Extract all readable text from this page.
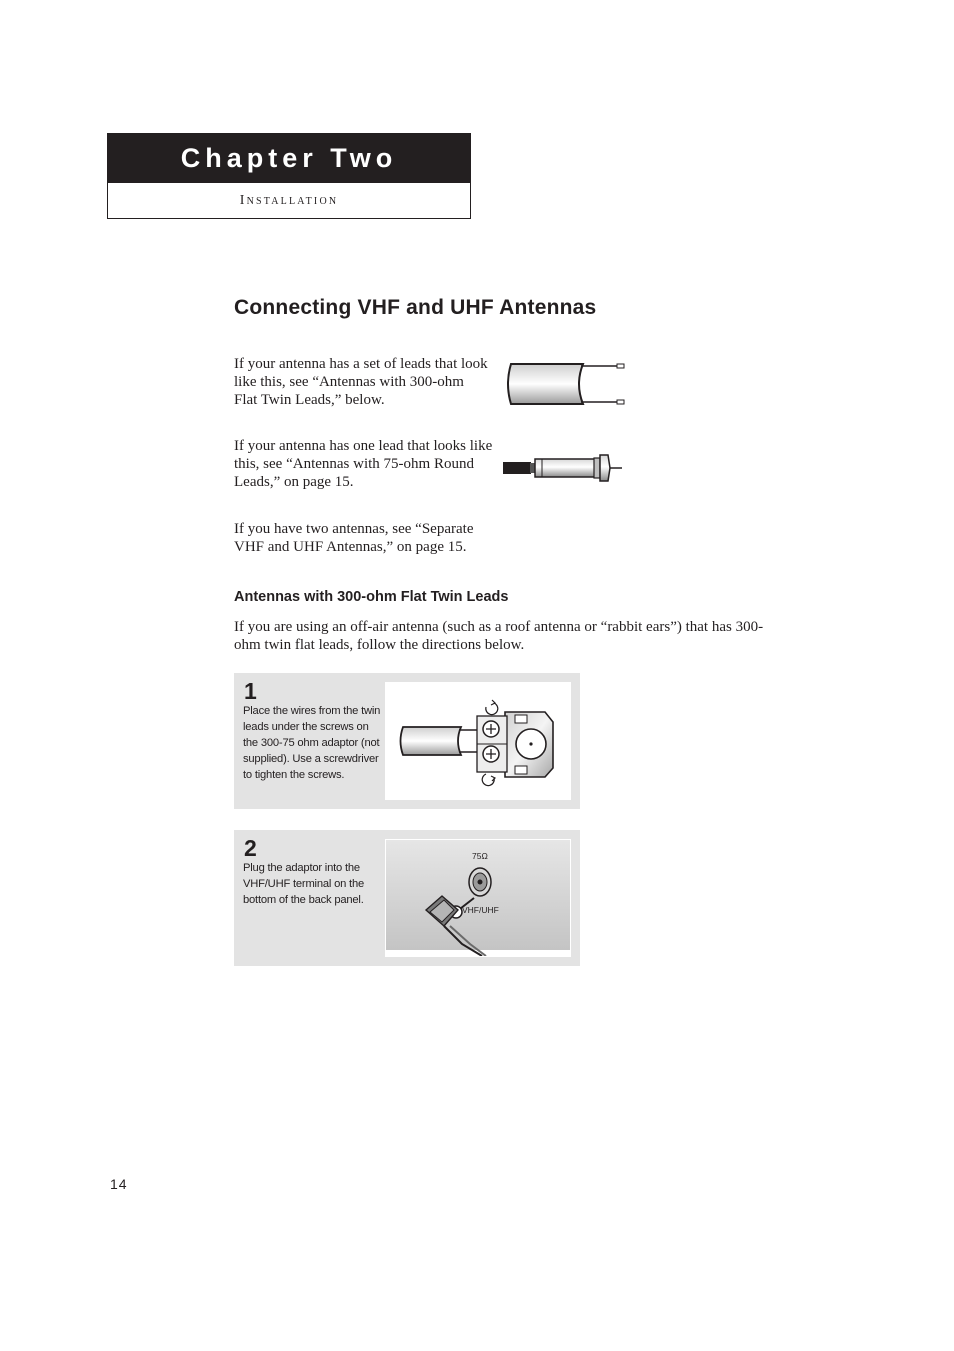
Chapter Two
Installation
Connecting VHF and UHF Antennas

If your antenna has a set of leads that look like this, see “Antennas with 300-ohm Flat Twin Leads,” below.

If your antenna has one lead that looks like this, see “Antennas with 75-ohm Round Leads,” on page 15.

If you have two antennas, see “Separate VHF and UHF Antennas,” on page 15.

Antennas with 300-ohm Flat Twin Leads

If you are using an off-air antenna (such as a roof antenna or “rabbit ears”) that has 300-ohm twin flat leads, follow the directions below.

1

Place the wires from the twin leads under the screws on the 300-75 ohm adaptor (not supplied). Use a screwdriver to tighten the screws.

2

Plug the adaptor into the VHF/UHF terminal on the bottom of the back panel.

75Ω
VHF/UHF
14
